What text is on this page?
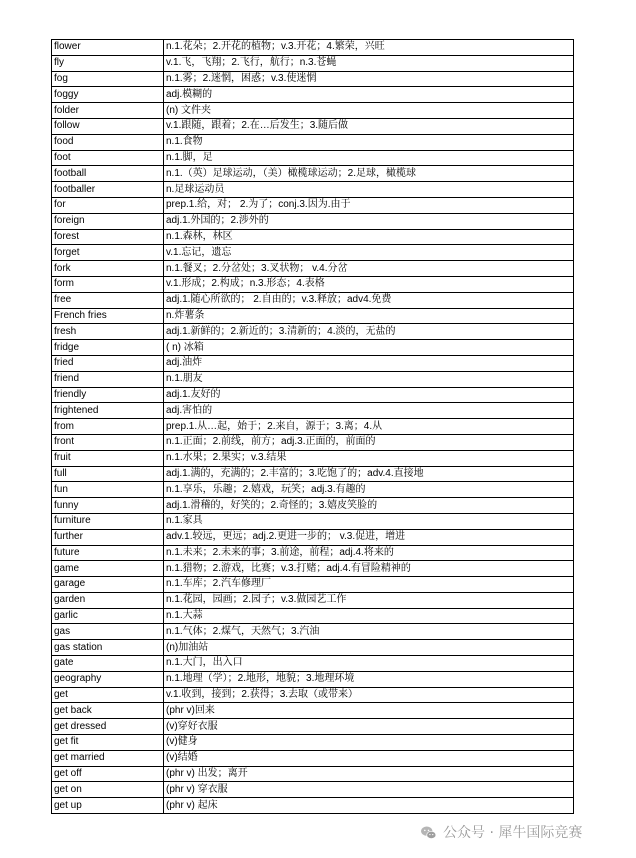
flower	n.1.花朵；2.开花的植物；v.3.开花；4.繁荣，兴旺
fly	v.1.飞，飞翔；2.飞行，航行；n.3.苍蝇
fog	n.1.雾；2.迷惘，困惑；v.3.使迷惘
foggy	adj.模糊的
folder	(n) 文件夹
follow	v.1.跟随，跟着；2.在…后发生；3.随后做
food	n.1.食物
foot	n.1.脚，足
football	n.1.（英）足球运动，（美）橄榄球运动；2.足球，橄榄球
footballer	n.足球运动员
for	prep.1.给，对； 2.为了；conj.3.因为.由于
foreign	adj.1.外国的；2.涉外的
forest	n.1.森林，林区
forget	v.1.忘记，遗忘
fork	n.1.餐叉；2.分岔处；3.叉状物； v.4.分岔
form	v.1.形成；2.构成；n.3.形态；4.表格
free	adj.1.随心所欲的； 2.自由的；v.3.释放；adv4.免费
French fries	n.炸薯条
fresh	adj.1.新鲜的；2.新近的；3.清新的；4.淡的，无盐的
fridge	( n) 冰箱
fried	adj.油炸
friend	n.1.朋友
friendly	adj.1.友好的
frightened	adj.害怕的
from	prep.1.从…起，始于；2.来自，源于；3.离；4.从
front	n.1.正面；2.前线，前方；adj.3.正面的，前面的
fruit	n.1.水果；2.果实；v.3.结果
full	adj.1.满的，充满的；2.丰富的；3.吃饱了的；adv.4.直接地
fun	n.1.享乐，乐趣；2.嬉戏，玩笑；adj.3.有趣的
funny	adj.1.滑稽的，好笑的；2.奇怪的；3.嬉皮笑脸的
furniture	n.1.家具
further	adv.1.较远，更远；adj.2.更进一步的； v.3.促进，增进
future	n.1.未来；2.未来的事；3.前途，前程；adj.4.将来的
game	n.1.猎物；2.游戏，比赛；v.3.打赌；adj.4.有冒险精神的
garage	n.1.车库；2.汽车修理厂
garden	n.1.花园，园画；2.园子；v.3.做园艺工作
garlic	n.1.大蒜
gas	n.1.气体；2.煤气，天然气；3.汽油
gas station	(n)加油站
gate	n.1.大门，出入口
geography	n.1.地理（学）；2.地形，地貌；3.地理环境
get	v.1.收到，接到；2.获得；3.去取（或带来）
get back	(phr v)回来
get dressed	(v)穿好衣服
get fit	(v)健身
get married	(v)结婚
get off	(phr v) 出发；离开
get on	(phr v) 穿衣服
get up	(phr v) 起床
公众号 · 犀牛国际竞赛
